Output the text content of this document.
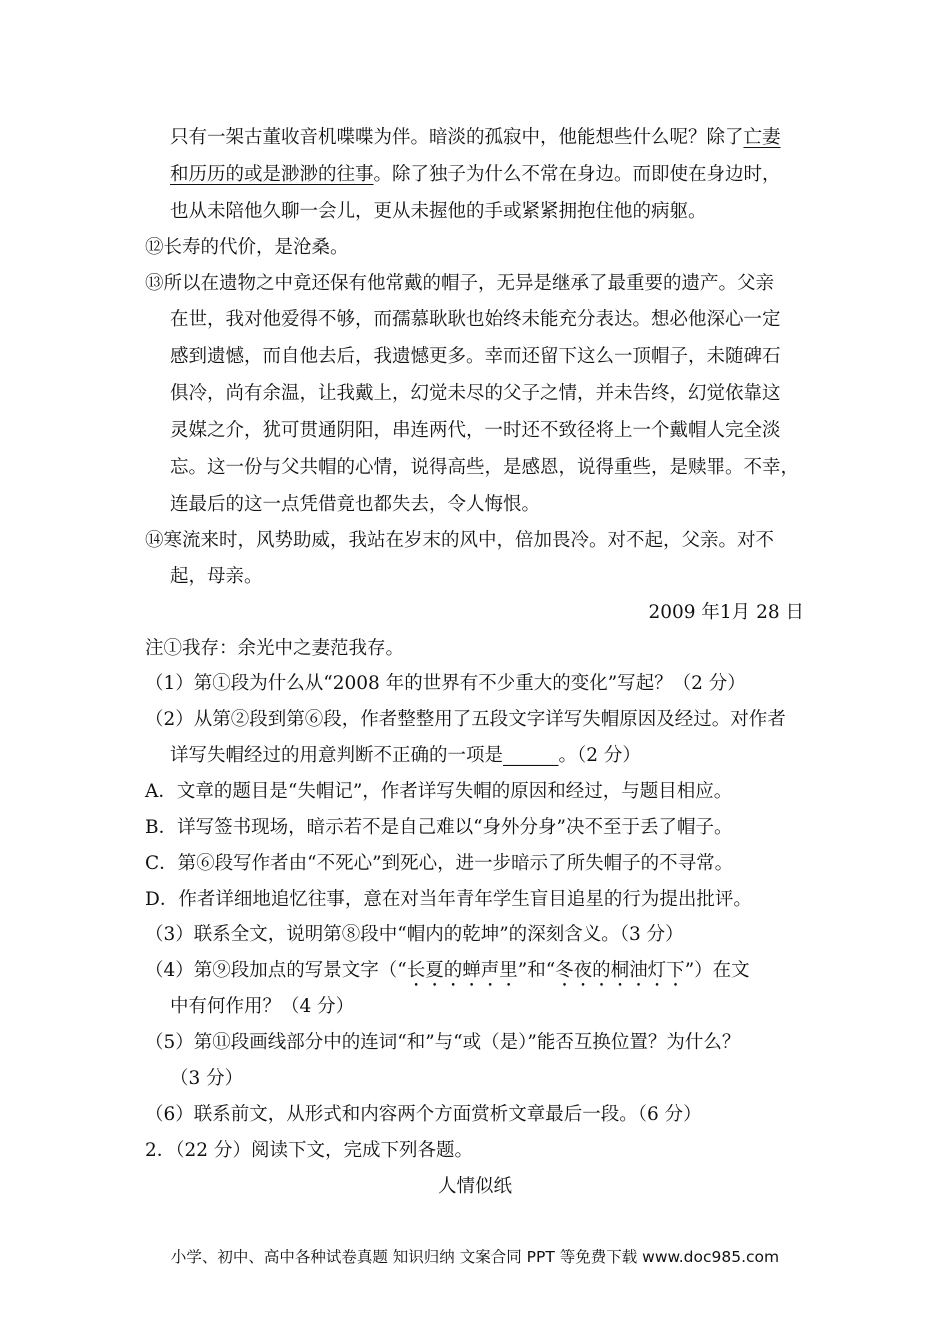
只有一架古董收音机喋喋为伴。暗淡的孤寂中，他能想些什么呢？除了亡妻
和历历的或是渺渺的往事。除了独子为什么不常在身边。而即使在身边时，
也从未陪他久聊一会儿，更从未握他的手或紧紧拥抱住他的病躯。
⑫长寿的代价，是沧桑。
⑬所以在遗物之中竟还保有他常戴的帽子，无异是继承了最重要的遗产。父亲
在世，我对他爱得不够，而孺慕耿耿也始终未能充分表达。想必他深心一定
感到遗憾，而自他去后，我遗憾更多。幸而还留下这么一顶帽子，未随碑石
俱冷，尚有余温，让我戴上，幻觉未尽的父子之情，并未告终，幻觉依靠这
灵媒之介，犹可贯通阴阳，串连两代，一时还不致径将上一个戴帽人完全淡
忘。这一份与父共帽的心情，说得高些，是感恩，说得重些，是赎罪。不幸，
连最后的这一点凭借竟也都失去，令人悔恨。
⑭寒流来时，风势助威，我站在岁末的风中，倍加畏冷。对不起，父亲。对不
起，母亲。
2009 年1月 28 日
注①我存：余光中之妻范我存。
（1）第①段为什么从“2008 年的世界有不少重大的变化”写起？（2 分）
（2）从第②段到第⑥段，作者整整用了五段文字详写失帽原因及经过。对作者
详写失帽经过的用意判断不正确的一项是______。（2 分）
A．文章的题目是“失帽记”，作者详写失帽的原因和经过，与题目相应。
B．详写签书现场，暗示若不是自己难以“身外分身”决不至于丢了帽子。
C．第⑥段写作者由“不死心”到死心，进一步暗示了所失帽子的不寻常。
D．作者详细地追忆往事，意在对当年青年学生盲目追星的行为提出批评。
（3）联系全文，说明第⑧段中“帽内的乾坤”的深刻含义。（3 分）
（4）第⑨段加点的写景文字（“长夏的蝉声里”和“冬夜的桐油灯下”）在文
中有何作用？（4 分）
（5）第⑪段画线部分中的连词“和”与“或（是）”能否互换位置？为什么？
（3 分）
（6）联系前文，从形式和内容两个方面赏析文章最后一段。（6 分）
2．（22 分）阅读下文，完成下列各题。
人情似纸
小学、初中、高中各种试卷真题 知识归纳 文案合同 PPT 等免费下载 www.doc985.com
